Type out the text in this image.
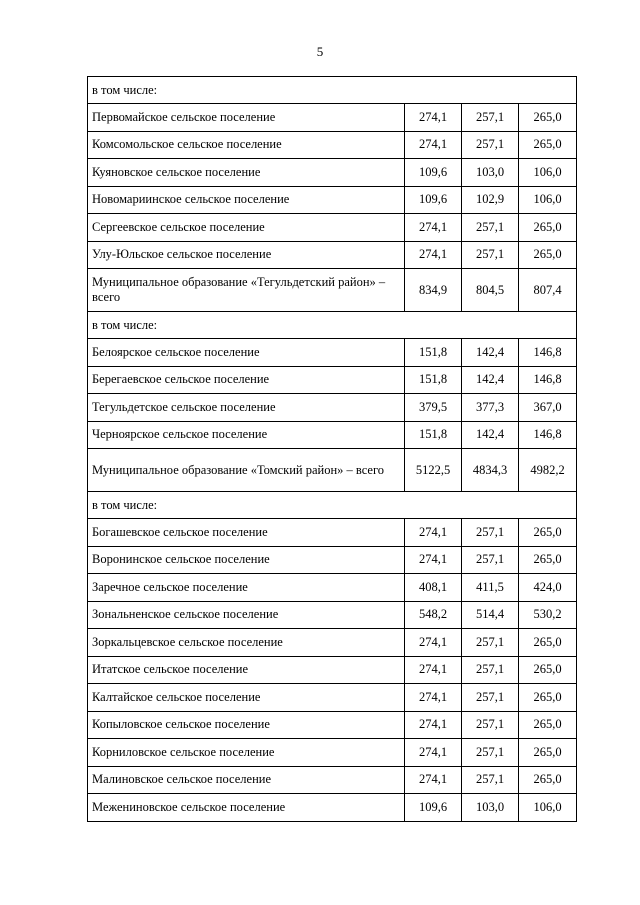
5
в том числе:			
Первомайское сельское поселение	274,1	257,1	265,0
Комсомольское сельское поселение	274,1	257,1	265,0
Куяновское сельское поселение	109,6	103,0	106,0
Новомариинское сельское поселение	109,6	102,9	106,0
Сергеевское сельское поселение	274,1	257,1	265,0
Улу-Юльское сельское поселение	274,1	257,1	265,0
Муниципальное образование «Тегульдетский район» – всего	834,9	804,5	807,4
в том числе:			
Белоярское сельское поселение	151,8	142,4	146,8
Берегаевское сельское поселение	151,8	142,4	146,8
Тегульдетское сельское поселение	379,5	377,3	367,0
Черноярское сельское поселение	151,8	142,4	146,8
Муниципальное образование «Томский район» – всего	5122,5	4834,3	4982,2
в том числе:			
Богашевское сельское поселение	274,1	257,1	265,0
Воронинское сельское поселение	274,1	257,1	265,0
Заречное сельское поселение	408,1	411,5	424,0
Зональненское сельское поселение	548,2	514,4	530,2
Зоркальцевское сельское поселение	274,1	257,1	265,0
Итатское сельское поселение	274,1	257,1	265,0
Калтайское сельское поселение	274,1	257,1	265,0
Копыловское сельское поселение	274,1	257,1	265,0
Корниловское сельское поселение	274,1	257,1	265,0
Малиновское сельское поселение	274,1	257,1	265,0
Межениновское сельское поселение	109,6	103,0	106,0
